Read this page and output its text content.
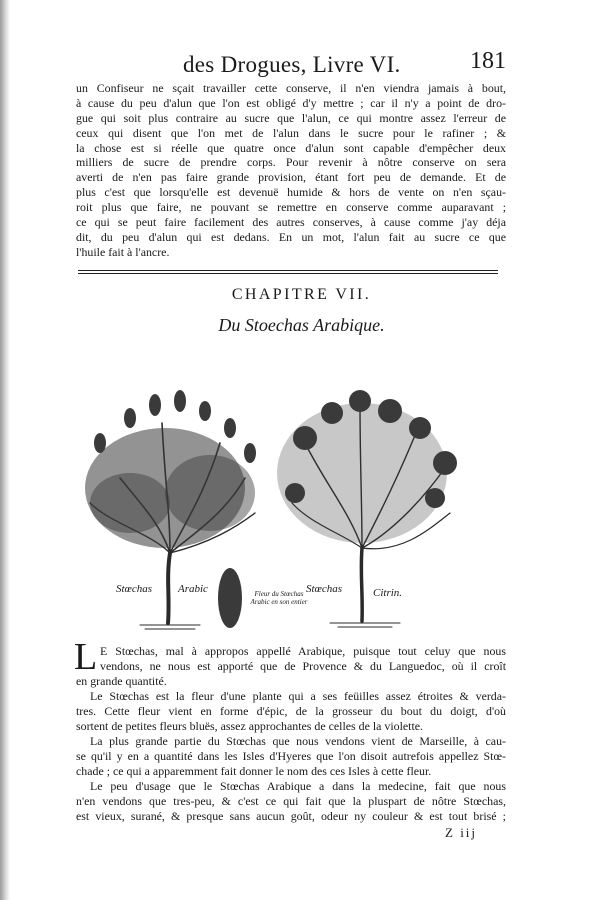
des Drogues, Livre VI.	181
un Confiseur ne sçait travailler cette conserve, il n'en viendra jamais à bout,
à cause du peu d'alun que l'on est obligé d'y mettre ; car il n'y a point de dro-
gue qui soit plus contraire au sucre que l'alun, ce qui montre assez l'erreur de
ceux qui disent que l'on met de l'alun dans le sucre pour le rafiner ; &
la chose est si réelle que quatre once d'alun sont capable d'empêcher deux
milliers de sucre de prendre corps. Pour revenir à nôtre conserve on sera
averti de n'en pas faire grande provision, étant fort peu de demande. Et de
plus c'est que lorsqu'elle est devenuë humide & hors de vente on n'en sçau-
roit plus que faire, ne pouvant se remettre en conserve comme auparavant ;
ce qui se peut faire facilement des autres conserves, à cause comme j'ay déja
dit, du peu d'alun qui est dedans. En un mot, l'alun fait au sucre ce que
l'huile fait à l'ancre.
CHAPITRE VII.
Du Stoechas Arabique.
Stœchas Arabic	Fleur du Stœchas Arabic en son entier
Stœchas	Citrin.
L E Stœchas, mal à appropos appellé Arabique, puisque tout celuy que nous
vendons, ne nous est apporté que de Provence & du Languedoc, où il croît
en grande quantité.
Le Stœchas est la fleur d'une plante qui a ses feüilles assez étroites & verda-
tres. Cette fleur vient en forme d'épic, de la grosseur du bout du doigt, d'où
sortent de petites fleurs bluës, assez approchantes de celles de la violette.
La plus grande partie du Stœchas que nous vendons vient de Marseille, à cau-
se qu'il y en a quantité dans les Isles d'Hyeres que l'on disoit autrefois appellez Stœ-
chade ; ce qui a apparemment fait donner le nom des ces Isles à cette fleur.
Le peu d'usage que le Stœchas Arabique a dans la medecine, fait que nous
n'en vendons que tres-peu, & c'est ce qui fait que la pluspart de nôtre Stœchas,
est vieux, surané, & presque sans aucun goût, odeur ny couleur & est tout brisé ;
Z iij
